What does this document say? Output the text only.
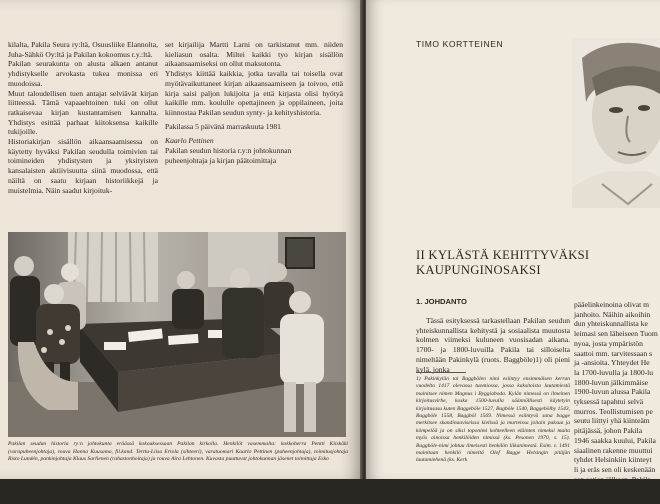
kilalta, Pakila Seura ry:ltä, Osuusliike Elannolta, Juha-Sähkö Oy:ltä ja Pakilan kokoomus r.y.:ltä.

Pakilan seurakunta on alusta alkaen antanut yhdistykselle arvokasta tukea monissa eri muodoissa.

Muut taloudellisen tuen antajat selviävät kirjan liitteessä. Tämä vapaaehtoinen tuki on ollut ratkaisevaa kirjan kustantamisen kannalta. Yhdistys esittää parhaat kiitoksensa kaikille tukijoille.

Historiakirjan sisällön aikaansaamisessa on käytetty hyväksi Pakilan seudulla toimivien tai toimineiden yhdistysten ja yksityisten kansalaisten aktiivisuutta siinä muodossa, että näiltä on saatu kirjaan historiikkejä ja muistelmia. Näin saadut kirjoituk-

set kirjailija Martti Larni on tarkistanut mm. niiden kieliasun osalta. Miltei kaikki tyo kirjan sisällön aikaansaamiseksi on ollut maksutonta.

Yhdistys kiittää kaikkia, jotka tavalla tai toisella ovat myötävaikuttaneet kirjan aikaansaamiseen ja toivoo, että kirja saisi paljon lukijoita ja että kirjasta olisi hyötyä kaikille mm. koululle opettajineen ja oppilaineen, joita kiinnostaa Pakilan seudun synty- ja kehityshistoria.

Pakilassa 5 päivänä marraskuuta 1981

Kaarlo Pettinen

Pakilan seudun historia r.y:n johtokunnan

puheenjohtaja ja kirjan päätoimittaja

Pakilan seudun historia ry:n johtokunta eräässä kokouksessaan Pakilan kirkolla. Henkilöt vasemmalta: kokkoherra Pentti Kiiskäki (varapuheenjohtaja), rouva Hanna Kuusamo, fil.kand. Terttu-Liisa Ertola (sihteeri), varatuomari Kaarlo Pettinen (puheenjohtaja), toimitusjohtaja Risto Lundén, pankinjohtaja Klaus Sarlienen (rahastonhoitaja) ja rouva Aira Lehtonen. Kuvasta puuttuvat johtokunnan jäsenet toimittaja Esko
TIMO KORTTEINEN
II KYLÄSTÄ KEHITTYVÄKSI
KAUPUNGINOSAKSI
1. JOHDANTO

Tässä esityksessä tarkastellaan Pakilan seudun yhteiskunnallista kehitystä ja sosiaalista muutosta kolmen viimeksi kuluneen vuosisadan aikana. 1700- ja 1800-luvuilla Pakila tai silloiselta nimeltään Pakinkylä (ruots. Baggböle)1) oli pieni kylä, jonka

1) Pakinkylän tai Baggbölen nimi esiintyy ensimmäisen kerran vuodelta 1417 olevassa tuomiossa, jossa kaksitoista lautamiestä mainitsee nimen Magnus i Byggiaboda. Kylän nimessä on ilmeinen kirjoitusvirhe, koska 1500-luvulla säännöllisesti käytetyin kirjoitusasu kuten Baggeböle 1527, Bagböle 1540, Baggebölby 1543, Baggböle 1558, Baggböl 1569. Nimessä esiintyvä sana bagge merkitsee skandinaaviseissa kielissä ja murteissa joitain paksua ja kömpelöä ja on siksi toponimi kohteelleen eläinten nimeksi muita myös ainoissa henkilöiden nimissä (ks. Pesonen 1970, s. 15). Baggböle-nimi johtuu ilmeisesti henkilön liikanimestä. Esim. v. 1491 mainitaan henkilö nimeltä Olof Bagge Helsingin pitäjän lautamiehenä (ks. Kerk
pääelinkeinoina olivat m
janhoito. Näihin aikoihin
dun yhteiskunnallista ke
leimasi sen läheiseen Tuom
nyoa, josta ympäristön
saattoi mm. tarvitessaan s
ja -ansioita. Yhteydet He
la 1700-luvulla ja 1800-lu
1800-luvun jälkimmäise
1900-luvun alussa Pakila
tyksessä tapahtui selvä
murros. Teollistumisen pe
seutu liittyi yhä kiinteäm
pitäjässä, johon Pakila
1946 saakka kuului, Pakila
siaalinen rakenne muuttui
tyhdet Helsinkiin kiinteyt
li ja eräs sen oli keskenään
sen sotien jälkeen. Pakila
1960-luvulle saakka eilu
tuvien oman lapsen. Samaa
